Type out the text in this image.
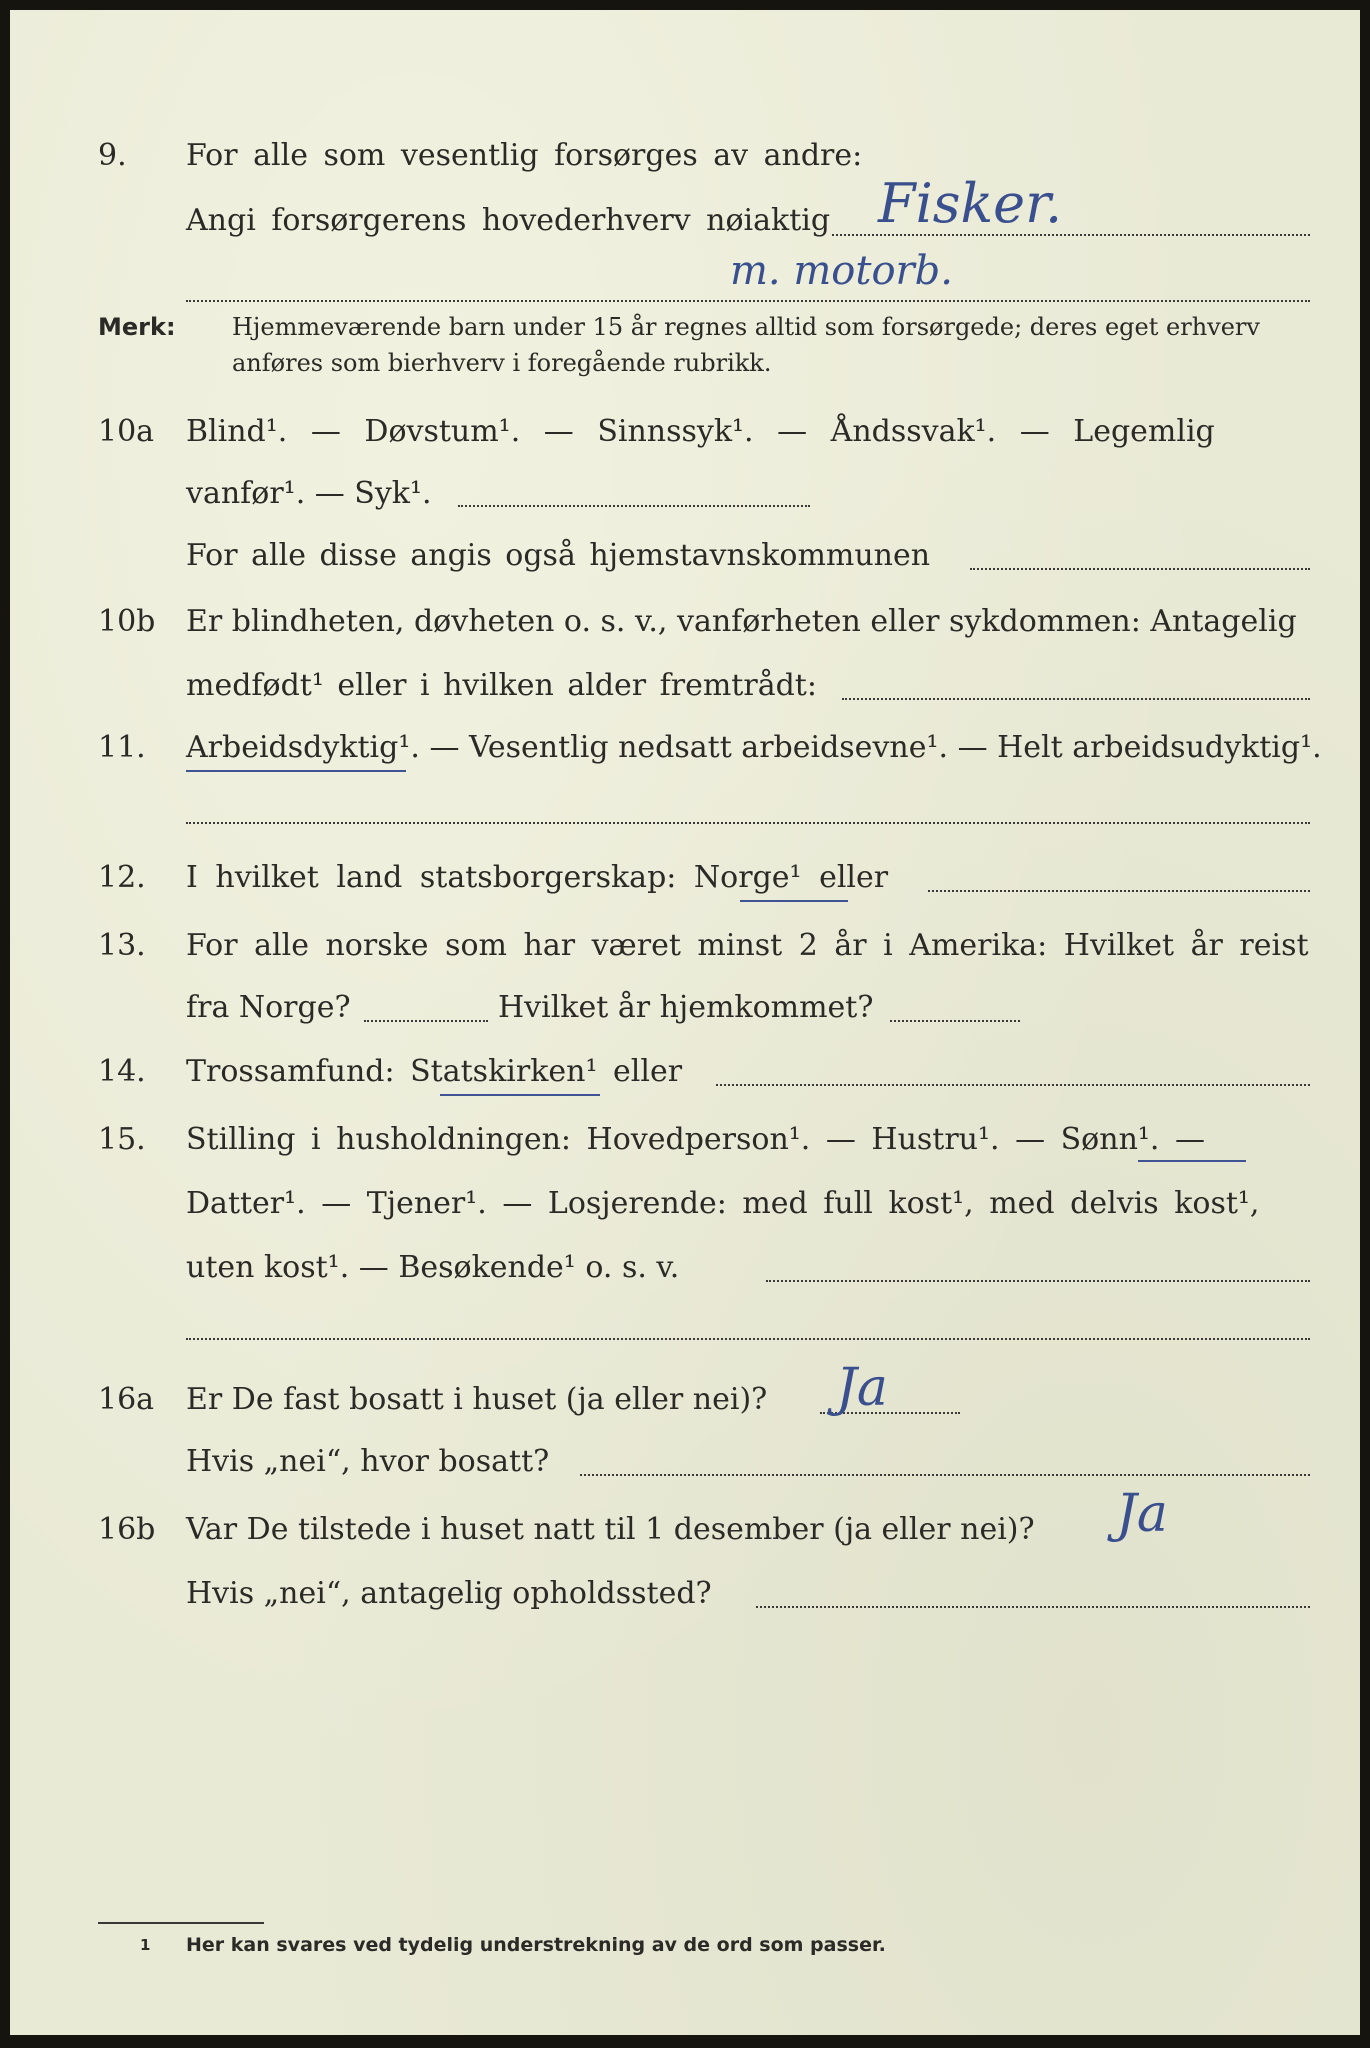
9. For alle som vesentlig forsørges av andre:
Angi forsørgerens hovederhverv nøiaktig Fisker.
m. motorb.
Merk: Hjemmeværende barn under 15 år regnes alltid som forsørgede; deres eget erhverv
anføres som bierhverv i foregående rubrikk.
10a Blind¹. — Døvstum¹. — Sinnssyk¹. — Åndssvak¹. — Legemlig
vanfør¹. — Syk¹.
For alle disse angis også hjemstavnskommunen
10b Er blindheten, døvheten o. s. v., vanførheten eller sykdommen: Antagelig
medfødt¹ eller i hvilken alder fremtrådt:
11. Arbeidsdyktig¹. — Vesentlig nedsatt arbeidsevne¹. — Helt arbeidsudyktig¹.
12. I hvilket land statsborgerskap: Norge¹ eller
13. For alle norske som har været minst 2 år i Amerika: Hvilket år reist
fra Norge?	Hvilket år hjemkommet?
14. Trossamfund: Statskirken¹ eller
15. Stilling i husholdningen: Hovedperson¹. — Hustru¹. — Sønn¹. —
Datter¹. — Tjener¹. — Losjerende: med full kost¹, med delvis kost¹,
uten kost¹. — Besøkende¹ o. s. v.
16a Er De fast bosatt i huset (ja eller nei)? Ja
Hvis „nei“, hvor bosatt?
16b Var De tilstede i huset natt til 1 desember (ja eller nei)? Ja
Hvis „nei“, antagelig opholdssted?
1 Her kan svares ved tydelig understrekning av de ord som passer.
